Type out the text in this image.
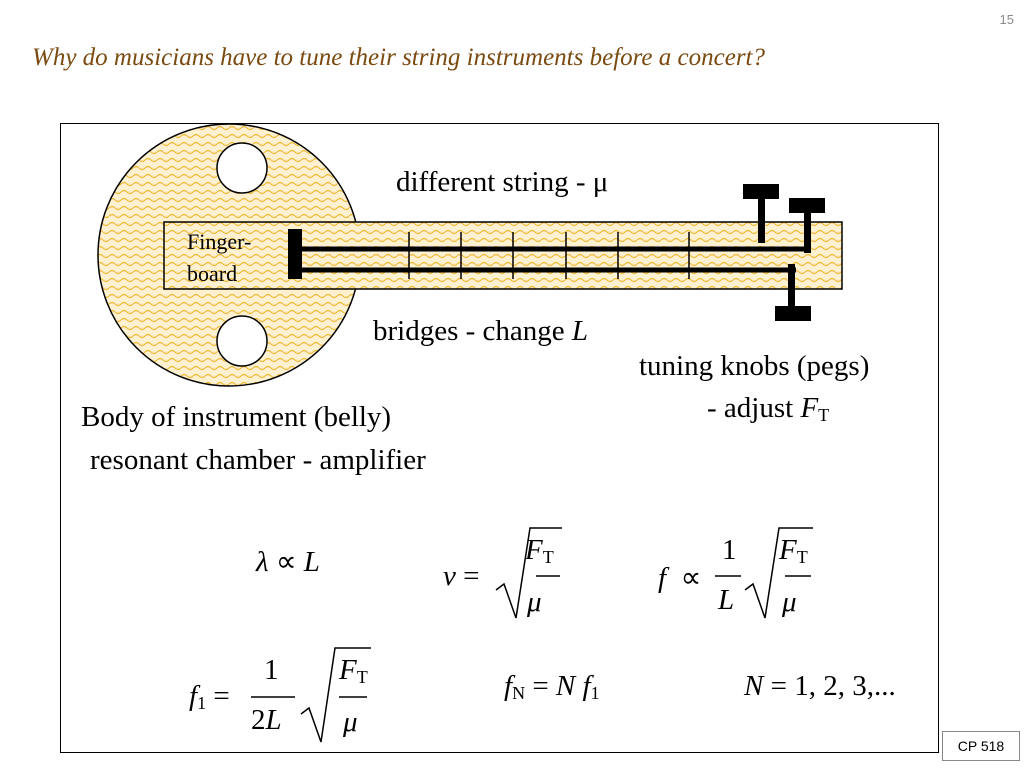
15
Why do musicians have to tune their string instruments before a concert?
Finger-
board
different string - μ
bridges - change L
tuning knobs (pegs)
- adjust $F_T$
Body of instrument (belly)
resonant chamber - amplifier
λ ∝ L	v =
$F_T$
μ
f ∝
1
L
$F_T$
μ
$f_1$ =
1
2L
$F_T$
μ
$f_N = N$ $f_1$	N = 1, 2, 3,...
CP 518
